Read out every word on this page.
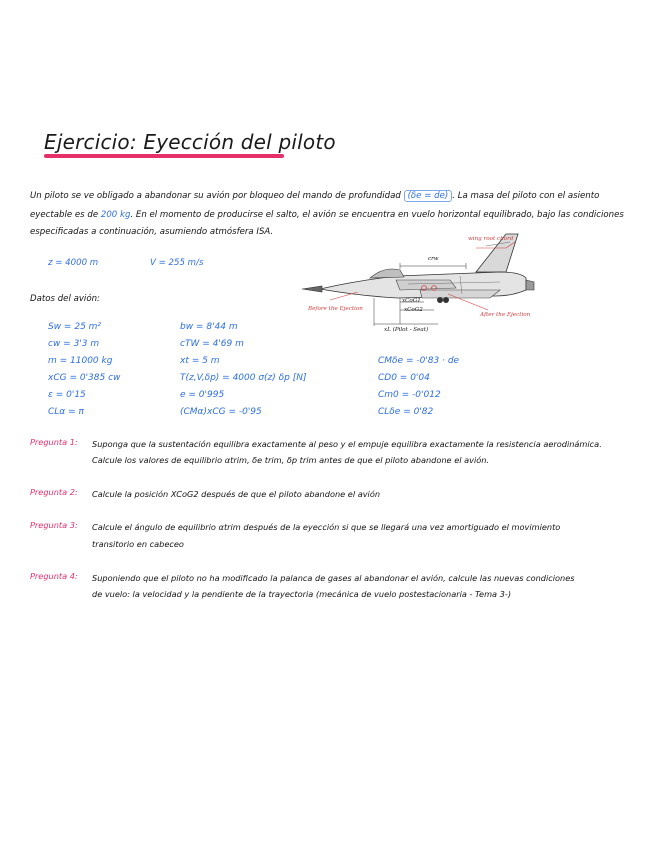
Ejercicio: Eyección del piloto
Un piloto se ve obligado a abandonar su avión por bloqueo del mando de profundidad (δe = de) . La masa del piloto con el asiento
eyectable es de 200 kg. En el momento de producirse el salto, el avión se encuentra en vuelo horizontal equilibrado, bajo las condiciones
especificadas a continuación, asumiendo atmósfera ISA.
z = 4000 m	V = 255 m/s
wing root chord
crw
xCoG1
xCoG2
xL (Pilot - Seat)
Before the Ejection
After the Ejection
Datos del avión:
Sw = 25 m²
cw = 3'3 m
m = 11000 kg
xCG = 0'385 cw
ε = 0'15
CLα = π
bw = 8'44 m
cTW = 4'69 m
xt = 5 m
T(z,V,δp) = 4000 σ(z) δp [N]
e = 0'995
(CMα)xCG = -0'95
CMδe = -0'83 · de
CD0 = 0'04
Cm0 = -0'012
CLδe = 0'82
Pregunta 1: Suponga que la sustentación equilibra exactamente al peso y el empuje equilibra exactamente la resistencia aerodinámica.
Calcule los valores de equilibrio αtrim, δe trim, δp trim antes de que el piloto abandone el avión.
Pregunta 2: Calcule la posición XCoG2 después de que el piloto abandone el avión
Pregunta 3: Calcule el ángulo de equilibrio αtrim después de la eyección si que se llegará una vez amortiguado el movimiento
transitorio en cabeceo
Pregunta 4: Suponiendo que el piloto no ha modificado la palanca de gases al abandonar el avión, calcule las nuevas condiciones
de vuelo: la velocidad y la pendiente de la trayectoria (mecánica de vuelo postestacionaria - Tema 3-)
